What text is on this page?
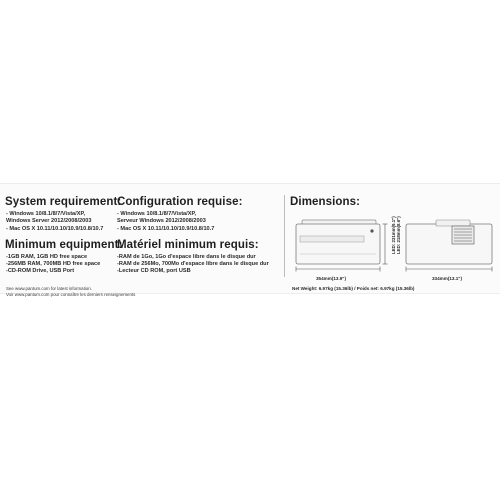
System requirement:
- Windows 10/8.1/8/7/Vista/XP,
Windows Server 2012/2008/2003
- Mac OS X 10.11/10.10/10.9/10.8/10.7
Configuration requise:
- Windows 10/8.1/8/7/Vista/XP,
Serveur Windows 2012/2008/2003
- Mac OS X 10.11/10.10/10.9/10.8/10.7
Minimum equipment:
-1GB RAM, 1GB HD free space
-256MB RAM, 700MB HD free space
-CD-ROM Drive, USB Port
Matériel minimum requis:
-RAM de 1Go, 1Go d'espace libre dans le disque dur
-RAM de 256Mo, 700Mo d'espace libre dans le disque dur
-Lecteur CD ROM, port USB
See www.pantum.com for latest information.
Voir www.pantum.com pour connaître les derniers renseignements
Dimensions:
354mm(13.9")
LED: 231mm(9.1") LED: 218mm(8.6")
334mm(13.1")
Net Weight: 6.97kg (15.36lb) / Poids net: 6.97kg (15.36lb)
